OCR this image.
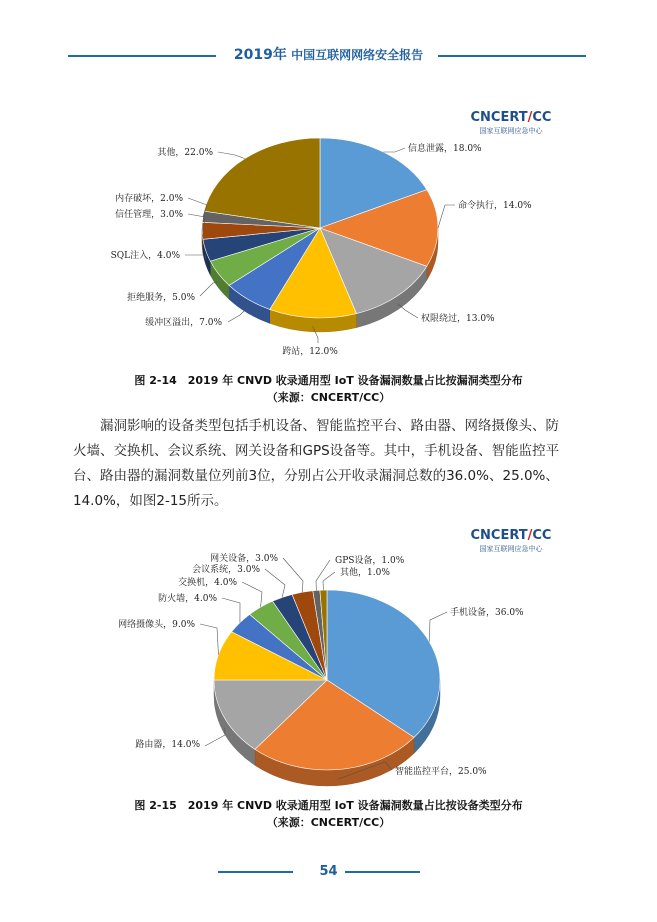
2019年 中国互联网网络安全报告
CNCERT/CC
国家互联网应急中心
信息泄露，18.0%
命令执行，14.0%
权限绕过，13.0%
跨站，12.0%
缓冲区溢出，7.0%
拒绝服务，5.0%
SQL注入，4.0%
信任管理，3.0%
内存破坏，2.0%
其他，22.0%
图 2-14　2019 年 CNVD 收录通用型 IoT 设备漏洞数量占比按漏洞类型分布
（来源：CNCERT/CC）

漏洞影响的设备类型包括手机设备、智能监控平台、路由器、网络摄像头、防

火墙、交换机、会议系统、网关设备和GPS设备等。其中，手机设备、智能监控平

台、路由器的漏洞数量位列前3位，分别占公开收录漏洞总数的36.0%、25.0%、

14.0%，如图2-15所示。

CNCERT/CC
国家互联网应急中心
手机设备，36.0%
智能监控平台，25.0%
路由器，14.0%
网络摄像头，9.0%
防火墙，4.0%
交换机，4.0%
会议系统，3.0%
网关设备，3.0%	GPS设备，1.0%
其他，1.0%
图 2-15　2019 年 CNVD 收录通用型 IoT 设备漏洞数量占比按设备类型分布
（来源：CNCERT/CC）
54
